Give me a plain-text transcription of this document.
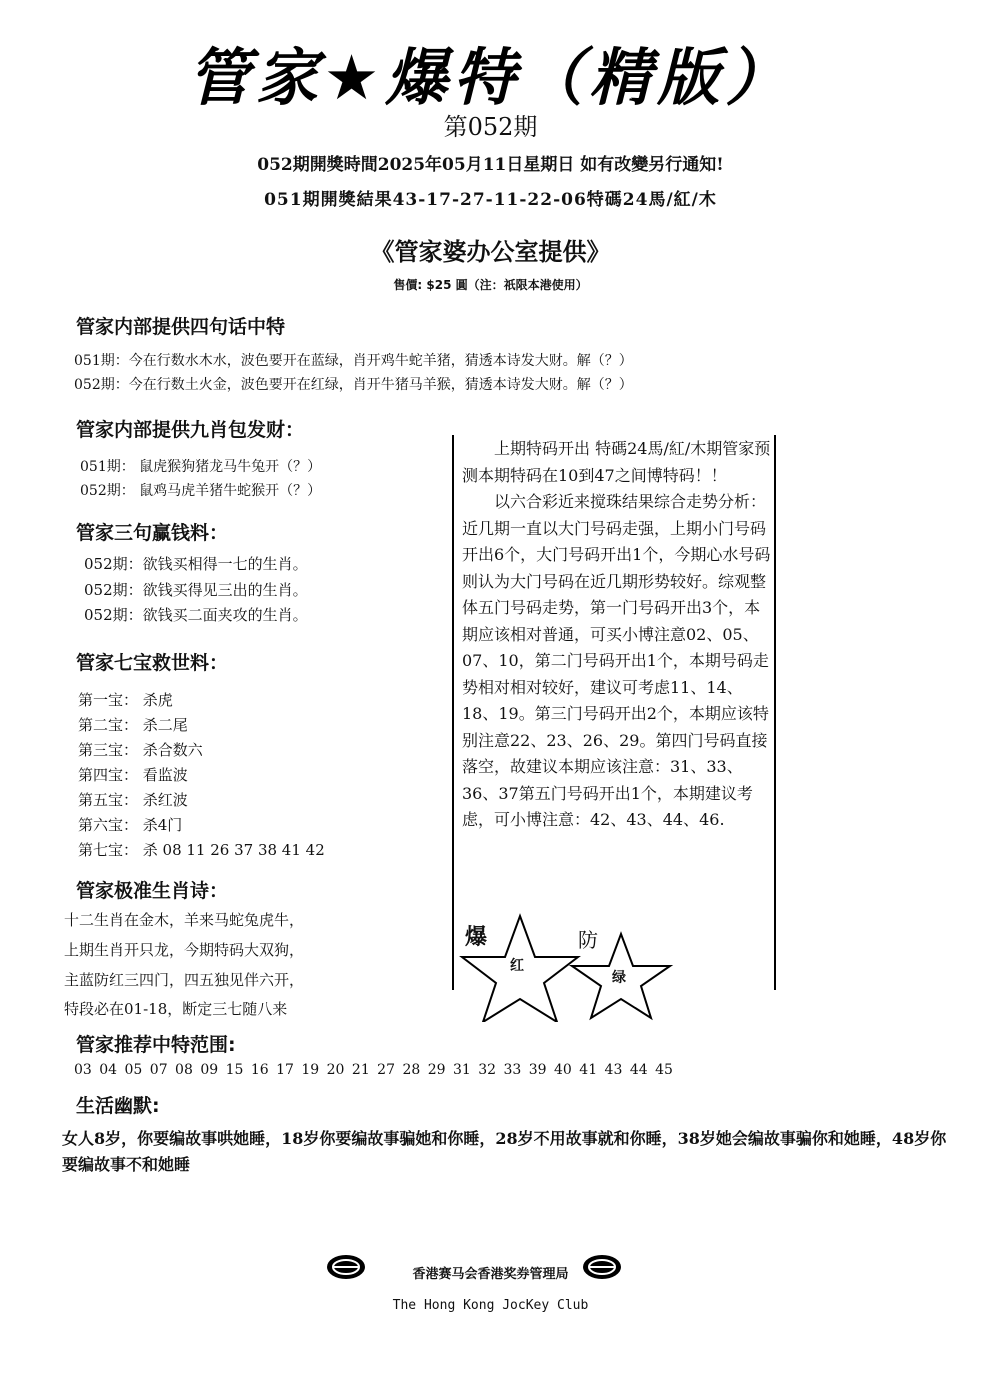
管家★爆特（精版）
第052期
052期開獎時間2025年05月11日星期日 如有改變另行通知!
051期開獎結果43-17-27-11-22-06特碼24馬/紅/木
《管家婆办公室提供》
售價: $25 圓（注：祇限本港使用）
管家内部提供四句话中特
051期：今在行数水木水，波色要开在蓝绿，肖开鸡牛蛇羊猪，猜透本诗发大财。解（？）
052期：今在行数土火金，波色要开在红绿，肖开牛猪马羊猴，猜透本诗发大财。解（？）
管家内部提供九肖包发财：
051期： 鼠虎猴狗猪龙马牛兔开（？）
052期： 鼠鸡马虎羊猪牛蛇猴开（？）
管家三句赢钱料：
052期：欲钱买相得一七的生肖。
052期：欲钱买得见三出的生肖。
052期：欲钱买二面夹攻的生肖。
管家七宝救世料：
第一宝： 杀虎
第二宝： 杀二尾
第三宝： 杀合数六
第四宝： 看监波
第五宝： 杀红波
第六宝： 杀4门
第七宝： 杀 08 11 26 37 38 41 42
管家极准生肖诗：
十二生肖在金木，羊来马蛇兔虎牛，
上期生肖开只龙，今期特码大双狗，
主蓝防红三四门，四五独见伴六开，
特段必在01-18，断定三七随八来

上期特码开出 特碼24馬/紅/木期管家预测本期特码在10到47之间博特码！！

以六合彩近来搅珠结果综合走势分析：近几期一直以大门号码走强，上期小门号码开出6个，大门号码开出1个，今期心水号码则认为大门号码在近几期形势较好。综观整体五门号码走势，第一门号码开出3个，本期应该相对普通，可买小博注意02、05、07、10，第二门号码开出1个，本期号码走势相对相对较好，建议可考虑11、14、18、19。第三门号码开出2个，本期应该特别注意22、23、26、29。第四门号码直接落空，故建议本期应该注意：31、33、36、37第五门号码开出1个，本期建议考虑，可小博注意：42、43、44、46.

爆
红
防
绿
管家推荐中特范围:
03 04 05 07 08 09 15 16 17 19 20 21 27 28 29 31 32 33 39 40 41 43 44 45
生活幽默:
女人8岁，你要编故事哄她睡，18岁你要编故事骗她和你睡，28岁不用故事就和你睡，38岁她会编故事骗你和她睡，48岁你要编故事不和她睡
香港赛马会香港奖券管理局
The Hong Kong JocKey Club
